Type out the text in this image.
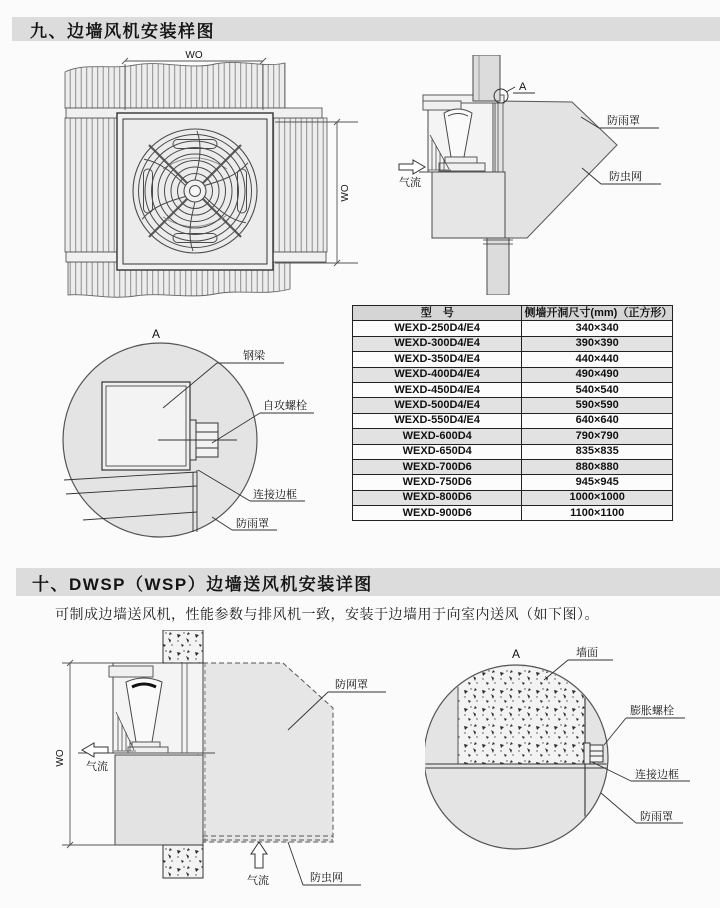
九、边墙风机安装样图
WO
WO
A
气流
防雨罩
防虫网
A
钢梁
自攻螺栓
连接边框
防雨罩
型　号	侧墙开洞尺寸(mm)（正方形）
WEXD-250D4/E4	340×340
WEXD-300D4/E4	390×390
WEXD-350D4/E4	440×440
WEXD-400D4/E4	490×490
WEXD-450D4/E4	540×540
WEXD-500D4/E4	590×590
WEXD-550D4/E4	640×640
WEXD-600D4	790×790
WEXD-650D4	835×835
WEXD-700D6	880×880
WEXD-750D6	945×945
WEXD-800D6	1000×1000
WEXD-900D6	1100×1100
十、DWSP（WSP）边墙送风机安装详图
可制成边墙送风机，性能参数与排风机一致，安装于边墙用于向室内送风（如下图）。
WO
气流
防网罩
气流	防虫网
A	墙面
膨胀螺栓
连接边框
防雨罩
